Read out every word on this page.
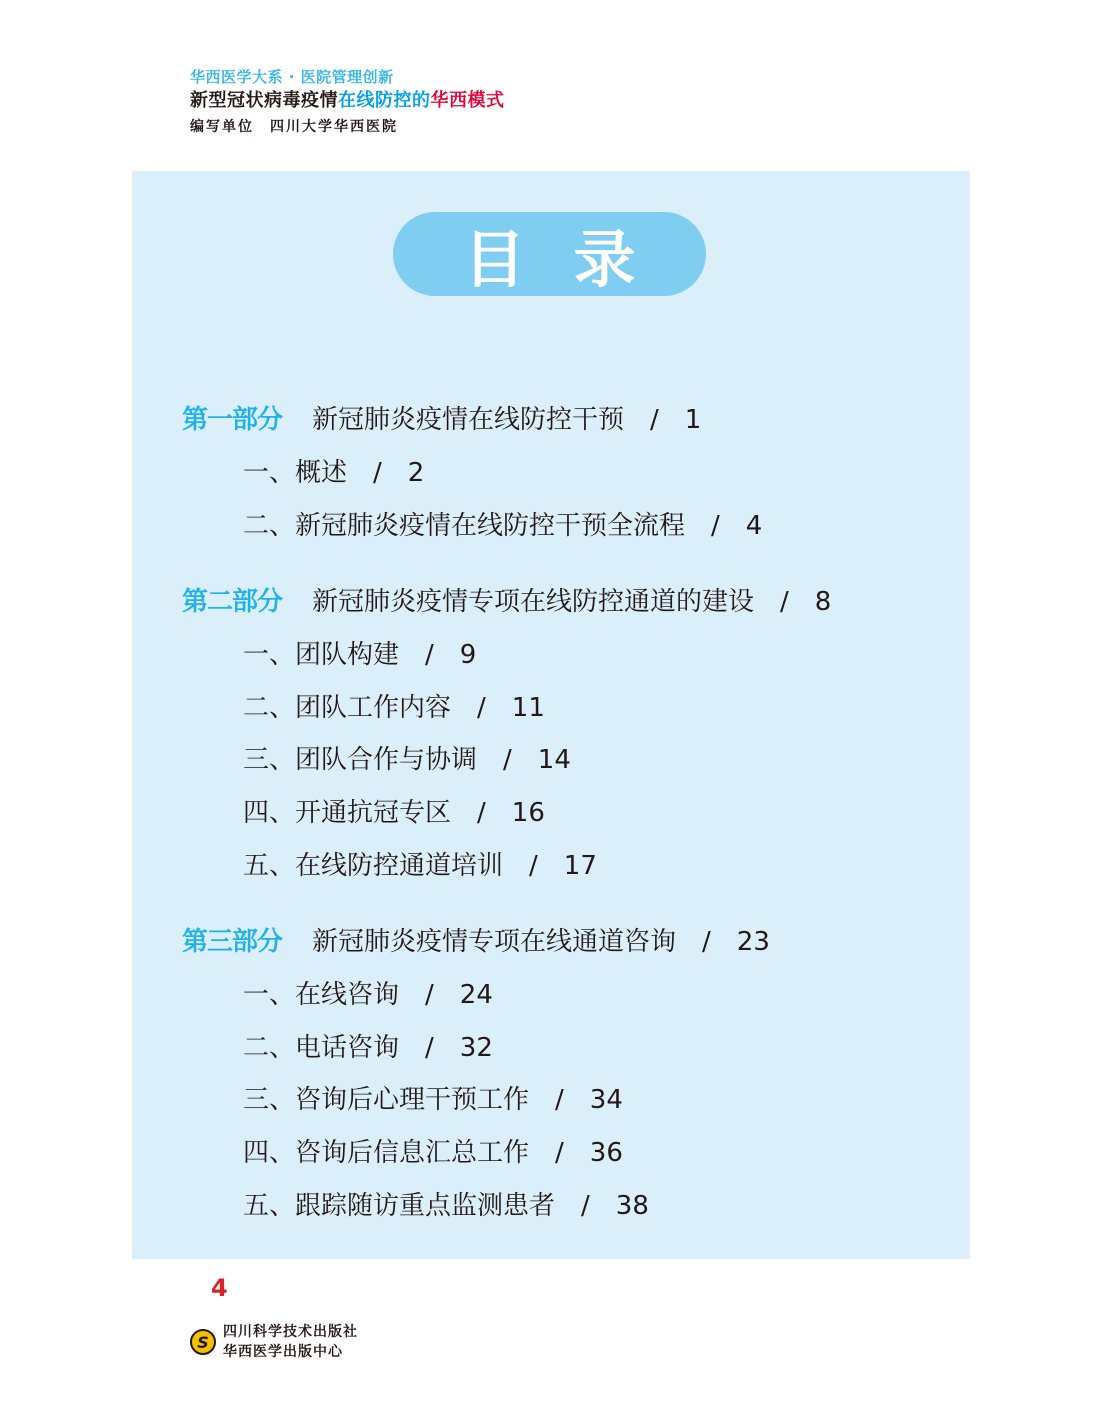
华西医学大系 · 医院管理创新
新型冠状病毒疫情在线防控的华西模式
编写单位 四川大学华西医院
目录
第一部分 新冠肺炎疫情在线防控干预 / 1
一、概述 / 2
二、新冠肺炎疫情在线防控干预全流程 / 4
第二部分 新冠肺炎疫情专项在线防控通道的建设 / 8
一、团队构建 / 9
二、团队工作内容 / 11
三、团队合作与协调 / 14
四、开通抗冠专区 / 16
五、在线防控通道培训 / 17
第三部分 新冠肺炎疫情专项在线通道咨询 / 23
一、在线咨询 / 24
二、电话咨询 / 32
三、咨询后心理干预工作 / 34
四、咨询后信息汇总工作 / 36
五、跟踪随访重点监测患者 / 38
4
S
四川科学技术出版社
华西医学出版中心
